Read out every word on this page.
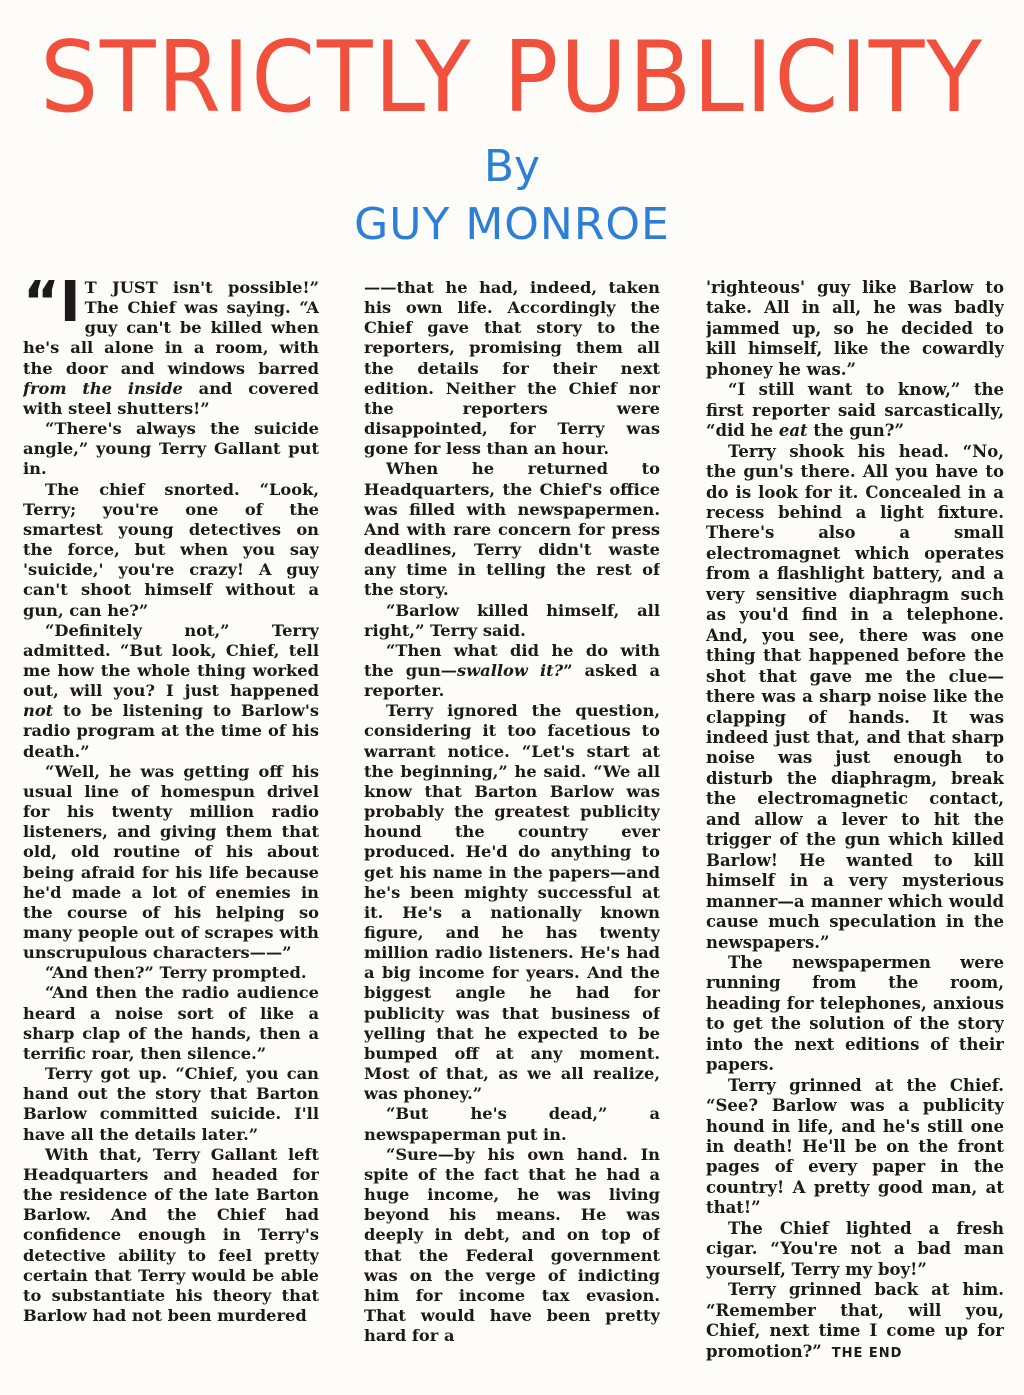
STRICTLY PUBLICITY
By
GUY MONROE

“I T JUST isn't possible!” The Chief was saying. “A guy can't be killed when he's all alone in a room, with the door and windows barred from the inside and covered with steel shutters!”

“There's always the suicide angle,” young Terry Gallant put in.

The chief snorted. “Look, Terry; you're one of the smartest young detectives on the force, but when you say 'suicide,' you're crazy! A guy can't shoot himself without a gun, can he?”

“Definitely not,” Terry admitted. “But look, Chief, tell me how the whole thing worked out, will you? I just happened not to be listening to Barlow's radio program at the time of his death.”

“Well, he was getting off his usual line of homespun drivel for his twenty million radio listeners, and giving them that old, old routine of his about being afraid for his life because he'd made a lot of enemies in the course of his helping so many people out of scrapes with unscrupulous characters——”

“And then?” Terry prompted.

“And then the radio audience heard a noise sort of like a sharp clap of the hands, then a terrific roar, then silence.”

Terry got up. “Chief, you can hand out the story that Barton Barlow committed suicide. I'll have all the details later.”

With that, Terry Gallant left Headquarters and headed for the residence of the late Barton Barlow. And the Chief had confidence enough in Terry's detective ability to feel pretty certain that Terry would be able to substantiate his theory that Barlow had not been murdered

——that he had, indeed, taken his own life. Accordingly the Chief gave that story to the reporters, promising them all the details for their next edition. Neither the Chief nor the reporters were disappointed, for Terry was gone for less than an hour.

When he returned to Headquarters, the Chief's office was filled with newspapermen. And with rare concern for press deadlines, Terry didn't waste any time in telling the rest of the story.

“Barlow killed himself, all right,” Terry said.

“Then what did he do with the gun—swallow it?” asked a reporter.

Terry ignored the question, considering it too facetious to warrant notice. “Let's start at the beginning,” he said. “We all know that Barton Barlow was probably the greatest publicity hound the country ever produced. He'd do anything to get his name in the papers—and he's been mighty successful at it. He's a nationally known figure, and he has twenty million radio listeners. He's had a big income for years. And the biggest angle he had for publicity was that business of yelling that he expected to be bumped off at any moment. Most of that, as we all realize, was phoney.”

“But he's dead,” a newspaperman put in.

“Sure—by his own hand. In spite of the fact that he had a huge income, he was living beyond his means. He was deeply in debt, and on top of that the Federal government was on the verge of indicting him for income tax evasion. That would have been pretty hard for a

'righteous' guy like Barlow to take. All in all, he was badly jammed up, so he decided to kill himself, like the cowardly phoney he was.”

“I still want to know,” the first reporter said sarcastically, “did he eat the gun?”

Terry shook his head. “No, the gun's there. All you have to do is look for it. Concealed in a recess behind a light fixture. There's also a small electromagnet which operates from a flashlight battery, and a very sensitive diaphragm such as you'd find in a telephone. And, you see, there was one thing that happened before the shot that gave me the clue—there was a sharp noise like the clapping of hands. It was indeed just that, and that sharp noise was just enough to disturb the diaphragm, break the electromagnetic contact, and allow a lever to hit the trigger of the gun which killed Barlow! He wanted to kill himself in a very mysterious manner—a manner which would cause much speculation in the newspapers.”

The newspapermen were running from the room, heading for telephones, anxious to get the solution of the story into the next editions of their papers.

Terry grinned at the Chief. “See? Barlow was a publicity hound in life, and he's still one in death! He'll be on the front pages of every paper in the country! A pretty good man, at that!”

The Chief lighted a fresh cigar. “You're not a bad man yourself, Terry my boy!”

Terry grinned back at him. “Remember that, will you, Chief, next time I come up for promotion?” THE END
